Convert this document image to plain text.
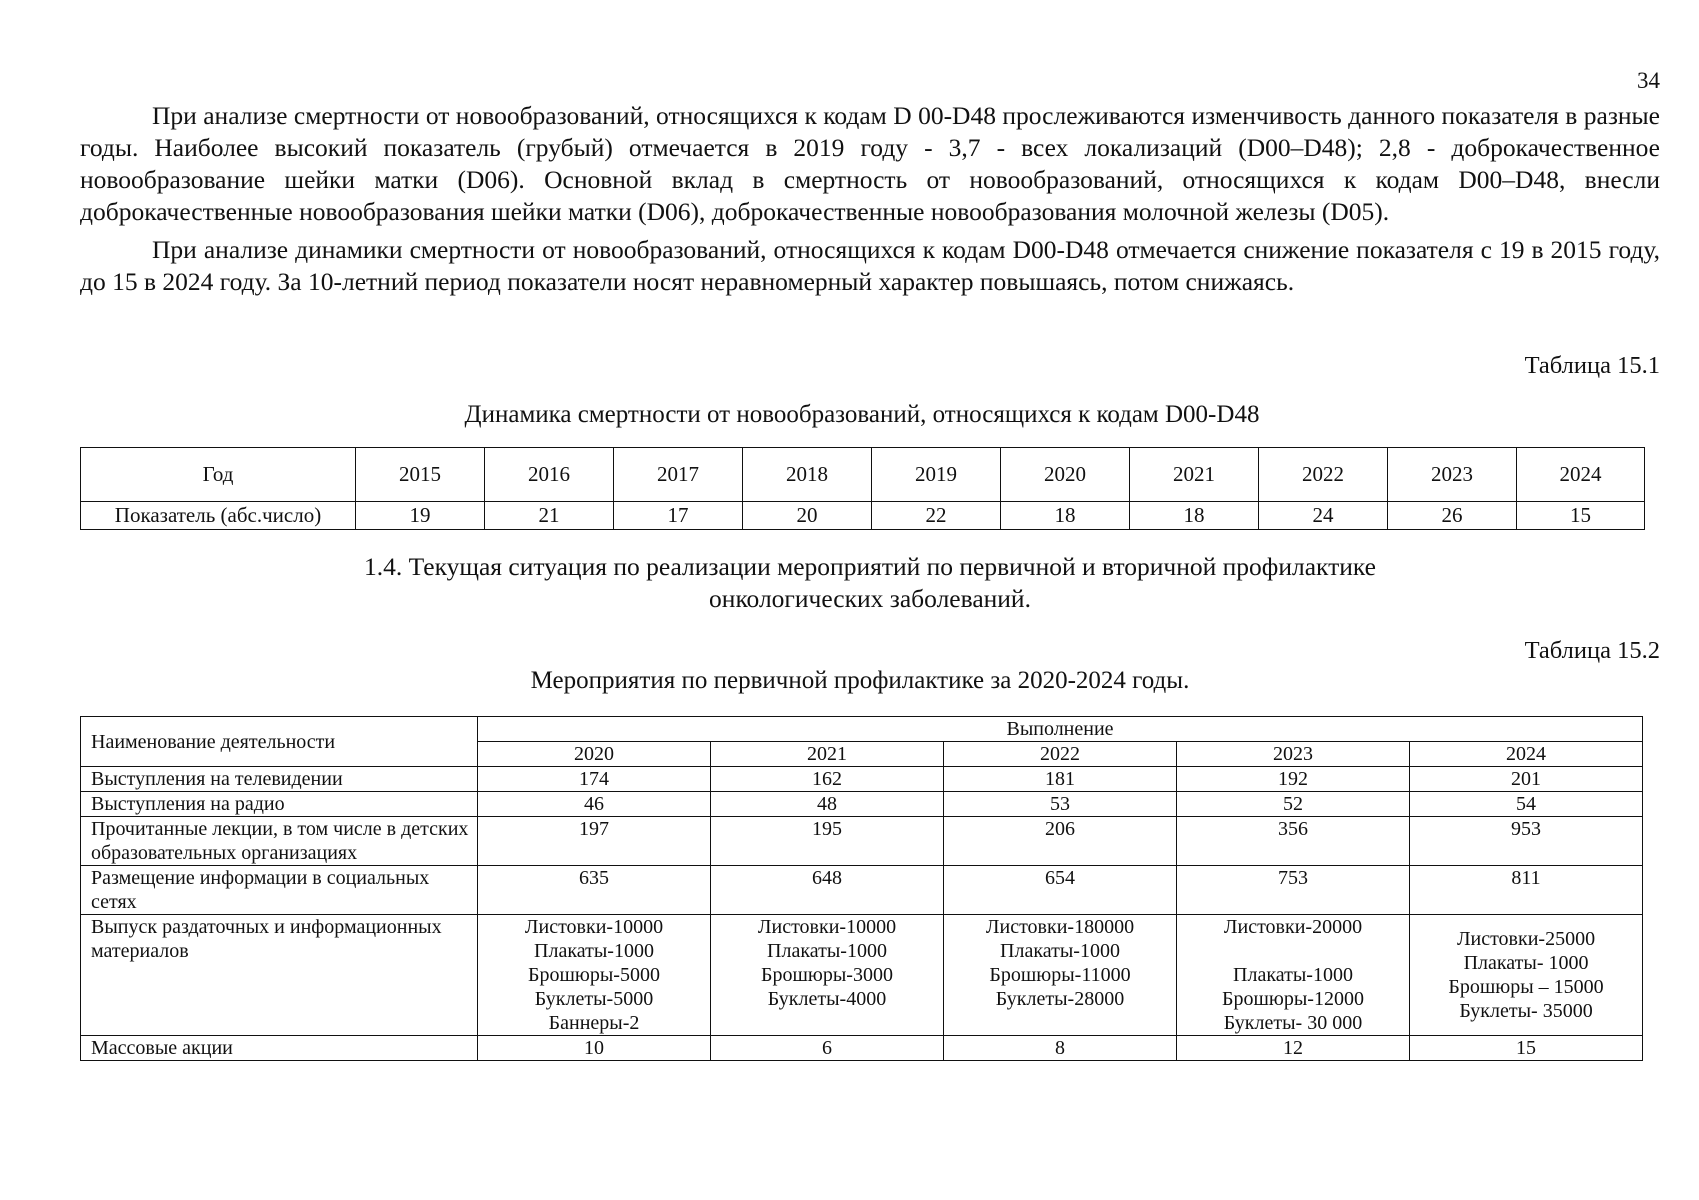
34

При анализе смертности от новообразований, относящихся к кодам D 00-D48 прослеживаются изменчивость данного показателя в разные годы. Наиболее высокий показатель (грубый) отмечается в 2019 году - 3,7 - всех локализаций (D00–D48); 2,8 - доброкачественное новообразование шейки матки (D06). Основной вклад в смертность от новообразований, относящихся к кодам D00–D48, внесли доброкачественные новообразования шейки матки (D06), доброкачественные новообразования молочной железы (D05).

При анализе динамики смертности от новообразований, относящихся к кодам D00-D48 отмечается снижение показателя с 19 в 2015 году, до 15 в 2024 году. За 10-летний период показатели носят неравномерный характер повышаясь, потом снижаясь.

Таблица 15.1
Динамика смертности от новообразований, относящихся к кодам D00-D48
Год	2015	2016	2017	2018	2019	2020	2021	2022	2023	2024
Показатель (абс.число)	19	21	17	20	22	18	18	24	26	15
1.4. Текущая ситуация по реализации мероприятий по первичной и вторичной профилактике
онкологических заболеваний.
Таблица 15.2
Мероприятия по первичной профилактике за 2020-2024 годы.
Наименование деятельности	Выполнение				
	2020	2021	2022	2023	2024
Выступления на телевидении	174	162	181	192	201
Выступления на радио	46	48	53	52	54
Прочитанные лекции, в том числе в детских образовательных организациях	197	195	206	356	953
Размещение информации в социальных сетях	635	648	654	753	811
Выпуск раздаточных и информационных материалов	Листовки-10000
Плакаты-1000
Брошюры-5000
Буклеты-5000
Баннеры-2	Листовки-10000
Плакаты-1000
Брошюры-3000
Буклеты-4000	Листовки-180000
Плакаты-1000
Брошюры-11000
Буклеты-28000	Листовки-20000
Плакаты-1000
Брошюры-12000
Буклеты- 30 000	Листовки-25000
Плакаты- 1000
Брошюры – 15000
Буклеты- 35000

Массовые акции	10	6	8	12	15
